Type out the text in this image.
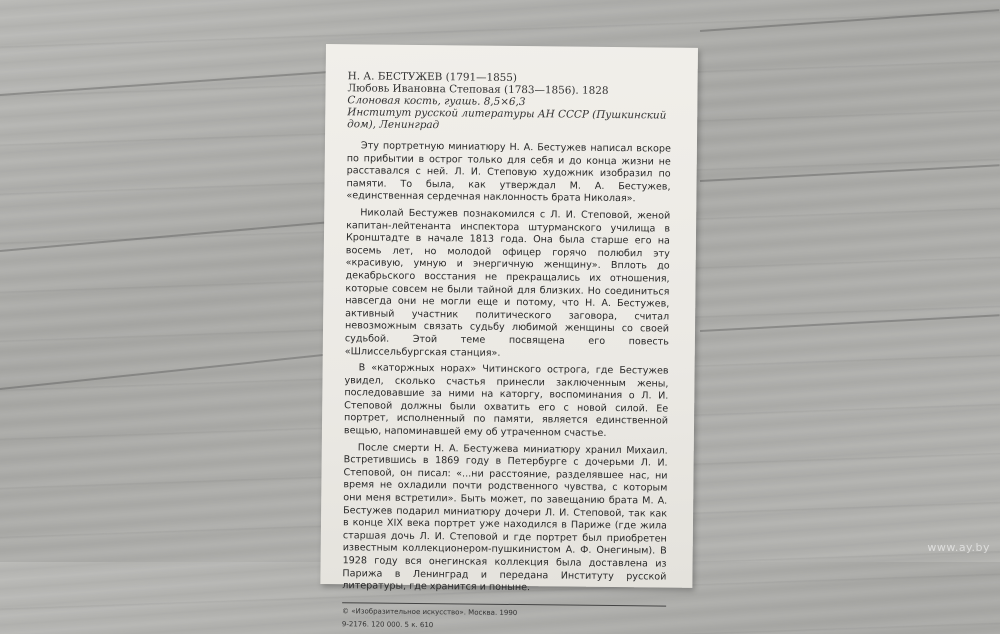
Н. А. БЕСТУЖЕВ (1791—1855)
Любовь Ивановна Степовая (1783—1856). 1828
Слоновая кость, гуашь. 8,5×6,3
Институт русской литературы АН СССР (Пушкинский дом), Ленинград

Эту портретную миниатюру Н. А. Бестужев написал вскоре по прибытии в острог только для себя и до конца жизни не расставался с ней. Л. И. Степовую художник изобразил по памяти. То была, как утверждал М. А. Бестужев, «единственная сердечная наклонность брата Николая».

Николай Бестужев познакомился с Л. И. Степовой, женой капитан-лейтенанта инспектора штурманского училища в Кронштадте в начале 1813 года. Она была старше его на восемь лет, но молодой офицер горячо полюбил эту «красивую, умную и энергичную женщину». Вплоть до декабрьского восстания не прекращались их отношения, которые совсем не были тайной для близких. Но соединиться навсегда они не могли еще и потому, что Н. А. Бестужев, активный участник политического заговора, считал невозможным связать судьбу любимой женщины со своей судьбой. Этой теме посвящена его повесть «Шлиссельбургская станция».

В «каторжных норах» Читинского острога, где Бестужев увидел, сколько счастья принесли заключенным жены, последовавшие за ними на каторгу, воспоминания о Л. И. Степовой должны были охватить его с новой силой. Ее портрет, исполненный по памяти, является единственной вещью, напоминавшей ему об утраченном счастье.

После смерти Н. А. Бестужева миниатюру хранил Михаил. Встретившись в 1869 году в Петербурге с дочерьми Л. И. Степовой, он писал: «...ни расстояние, разделявшее нас, ни время не охладили почти родственного чувства, с которым они меня встретили». Быть может, по завещанию брата М. А. Бестужев подарил миниатюру дочери Л. И. Степовой, так как в конце XIX века портрет уже находился в Париже (где жила старшая дочь Л. И. Степовой и где портрет был приобретен известным коллекционером-пушкинистом А. Ф. Онегиным). В 1928 году вся онегинская коллекция была доставлена из Парижа в Ленинград и передана Институту русской литературы, где хранится и поныне.

© «Изобразительное искусство». Москва. 1990
9-2176. 120 000. 5 к. 610
www.ay.by
